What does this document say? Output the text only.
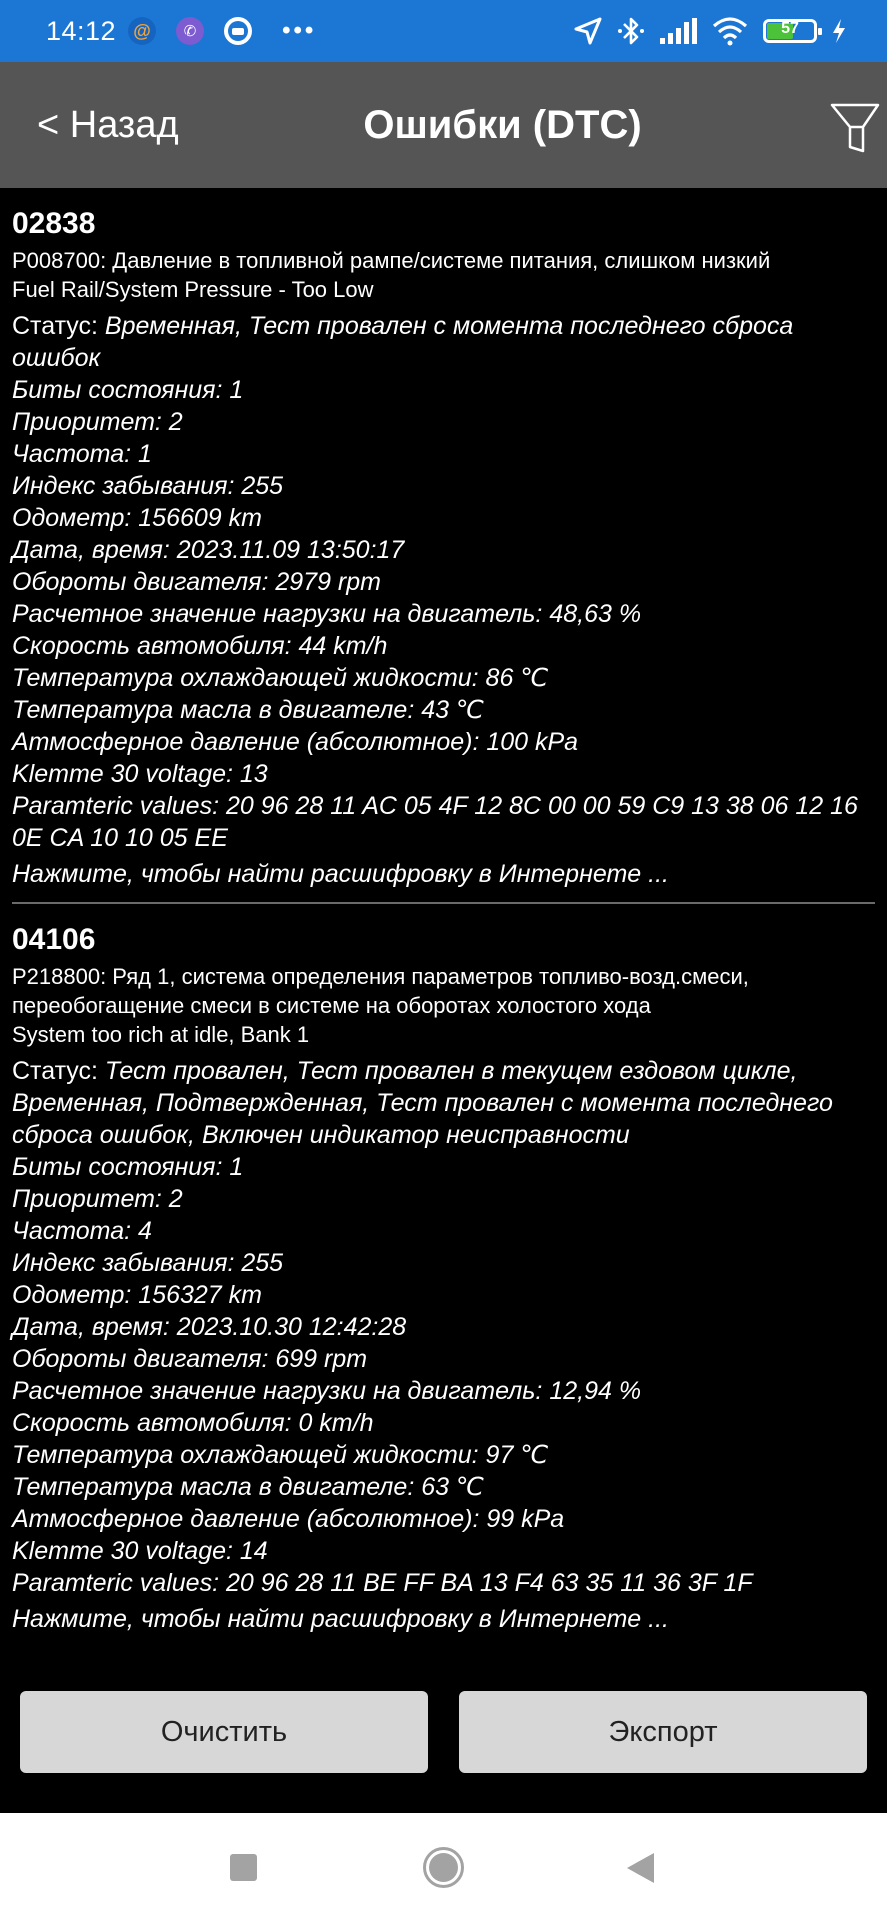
14:12 @	✆	•••	57
< Назад	Ошибки (DTC)
02838
P008700: Давление в топливной рампе/системе питания, слишком низкий
Fuel Rail/System Pressure - Too Low
Статус: Временная, Тест провален с момента последнего сброса ошибок
Биты состояния: 1
Приоритет: 2
Частота: 1
Индекс забывания: 255
Одометр: 156609 km
Дата, время: 2023.11.09 13:50:17
Обороты двигателя: 2979 rpm
Расчетное значение нагрузки на двигатель: 48,63 %
Скорость автомобиля: 44 km/h
Температура охлаждающей жидкости: 86 ℃
Температура масла в двигателе: 43 ℃
Атмосферное давление (абсолютное): 100 kPa
Klemme 30 voltage: 13
Paramteric values: 20 96 28 11 AC 05 4F 12 8C 00 00 59 C9 13 38 06 12 16 0E CA 10 10 05 EE
Нажмите, чтобы найти расшифровку в Интернете ...
04106
P218800: Ряд 1, система определения параметров топливо-возд.смеси, переобогащение смеси в системе на оборотах холостого хода
System too rich at idle, Bank 1
Статус: Тест провален, Тест провален в текущем ездовом цикле, Временная, Подтвержденная, Тест провален с момента последнего сброса ошибок, Включен индикатор неисправности
Биты состояния: 1
Приоритет: 2
Частота: 4
Индекс забывания: 255
Одометр: 156327 km
Дата, время: 2023.10.30 12:42:28
Обороты двигателя: 699 rpm
Расчетное значение нагрузки на двигатель: 12,94 %
Скорость автомобиля: 0 km/h
Температура охлаждающей жидкости: 97 ℃
Температура масла в двигателе: 63 ℃
Атмосферное давление (абсолютное): 99 kPa
Klemme 30 voltage: 14
Paramteric values: 20 96 28 11 BE FF BA 13 F4 63 35 11 36 3F 1F
Нажмите, чтобы найти расшифровку в Интернете ...
Очистить	Экспорт
